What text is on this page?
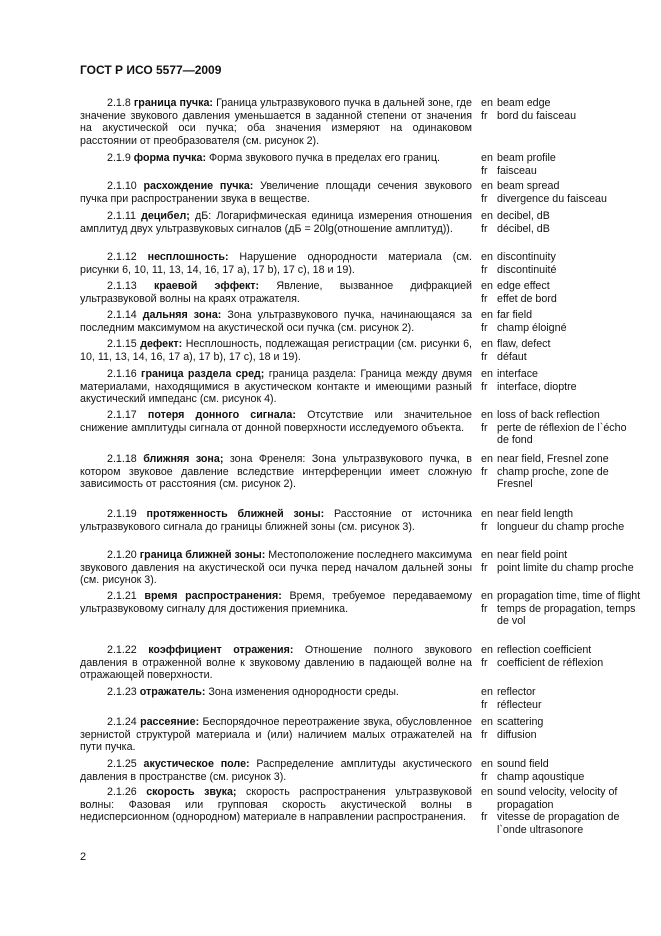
ГОСТ Р ИСО 5577—2009
2.1.8 граница пучка: Граница ультразвукового пучка в дальней зоне, где значение звукового давления уменьшается в заданной степени от значения на акустической оси пучка; оба значения измеряют на одинаковом расстоянии от преобразователя (см. рисунок 2).
en beam edge
fr bord du faisceau
2.1.9 форма пучка: Форма звукового пучка в пределах его границ.	en beam profile
fr faisceau
2.1.10 расхождение пучка: Увеличение площади сечения звукового пучка при распространении звука в веществе.
en beam spread
fr divergence du faisceau
2.1.11 децибел; дБ: Логарифмическая единица измерения отношения амплитуд двух ультразвуковых сигналов (дБ = 20lg(отношение амплитуд)).
en decibel, dB
fr décibel, dB
2.1.12 несплошность: Нарушение однородности материала (см. рисунки 6, 10, 11, 13, 14, 16, 17 а), 17 b), 17 c), 18 и 19).
en discontinuity
fr discontinuité
2.1.13 краевой эффект: Явление, вызванное дифракцией ультразвуковой волны на краях отражателя.
en edge effect
fr effet de bord
2.1.14 дальняя зона: Зона ультразвукового пучка, начинающаяся за последним максимумом на акустической оси пучка (см. рисунок 2).
en far field
fr champ éloigné
2.1.15 дефект: Несплошность, подлежащая регистрации (см. рисунки 6, 10, 11, 13, 14, 16, 17 а), 17 b), 17 c), 18 и 19).
en flaw, defect
fr défaut
2.1.16 граница раздела сред; граница раздела: Граница между двумя материалами, находящимися в акустическом контакте и имеющими разный акустический импеданс (см. рисунок 4).
en interface
fr interface, dioptre
2.1.17 потеря донного сигнала: Отсутствие или значительное снижение амплитуды сигнала от донной поверхности исследуемого объекта.
en loss of back reflection
fr perte de réflexion de l`écho de fond
2.1.18 ближняя зона; зона Френеля: Зона ультразвукового пучка, в котором звуковое давление вследствие интерференции имеет сложную зависимость от расстояния (см. рисунок 2).
en near field, Fresnel zone
fr champ proche, zone de Fresnel
2.1.19 протяженность ближней зоны: Расстояние от источника ультразвукового сигнала до границы ближней зоны (см. рисунок 3).
en near field length
fr longueur du champ proche
2.1.20 граница ближней зоны: Местоположение последнего максимума звукового давления на акустической оси пучка перед началом дальней зоны (см. рисунок 3).
en near field point
fr point limite du champ proche
2.1.21 время распространения: Время, требуемое передаваемому ультразвуковому сигналу для достижения приемника.
en propagation time, time of flight
fr temps de propagation, temps de vol
2.1.22 коэффициент отражения: Отношение полного звукового давления в отраженной волне к звуковому давлению в падающей волне на отражающей поверхности.
en reflection coefficient
fr coefficient de réflexion
2.1.23 отражатель: Зона изменения однородности среды.	en reflector
fr réflecteur
2.1.24 рассеяние: Беспорядочное переотражение звука, обусловленное зернистой структурой материала и (или) наличием малых отражателей на пути пучка.
en scattering
fr diffusion
2.1.25 акустическое поле: Распределение амплитуды акустического давления в пространстве (см. рисунок 3).
en sound field
fr champ aqoustique
2.1.26 скорость звука; скорость распространения ультразвуковой волны: Фазовая или групповая скорость акустической волны в недисперсионном (однородном) материале в направлении распространения.
en sound velocity, velocity of propagation
fr vitesse de propagation de l`onde ultrasonore
2
